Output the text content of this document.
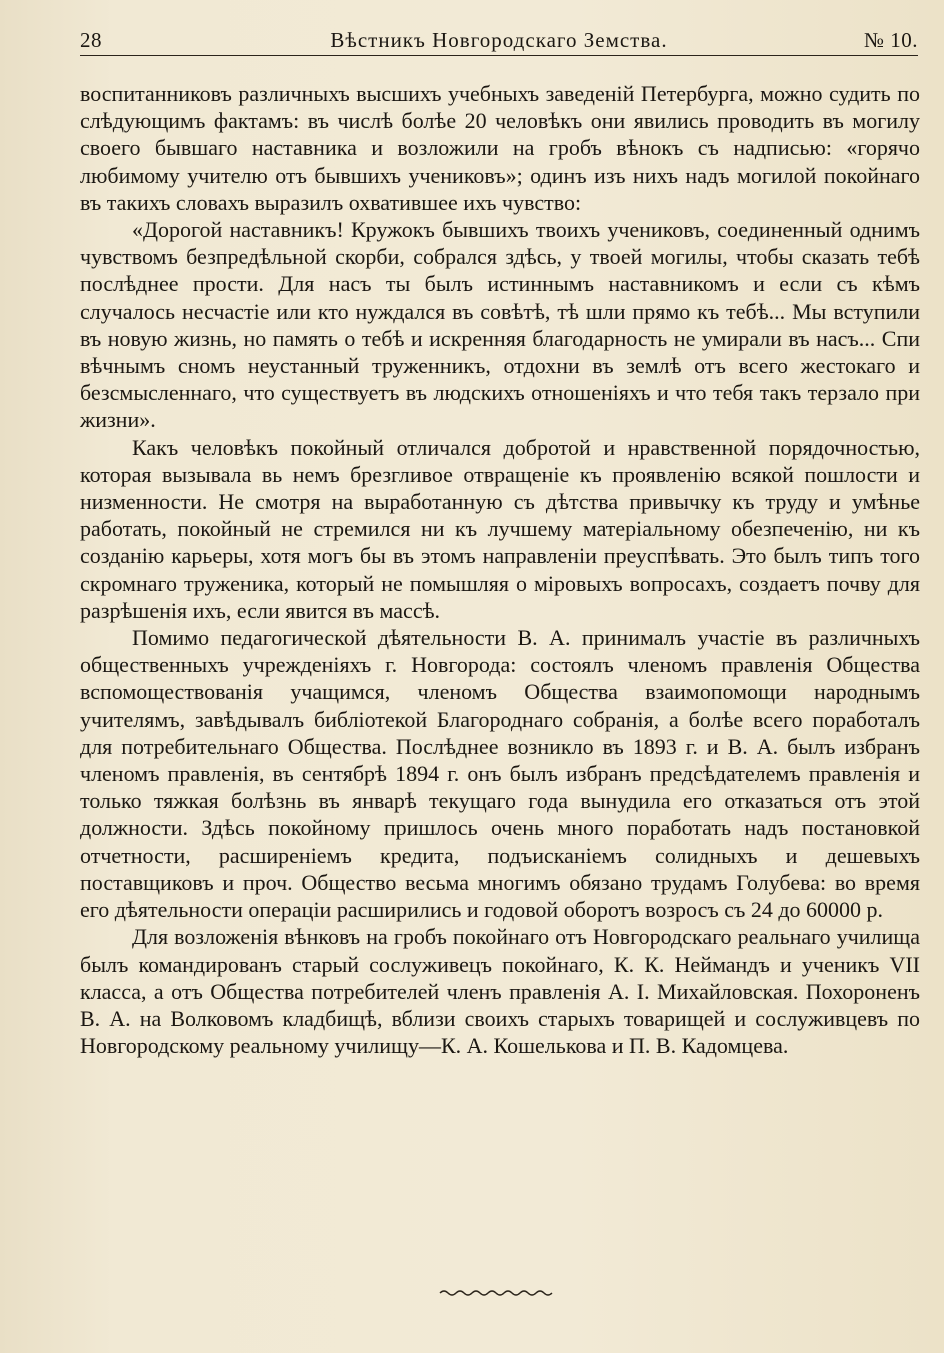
28	Вѣстникъ Новгородскаго Земства.	№ 10.

воспитанниковъ различныхъ высшихъ учебныхъ заведеній Петербурга, можно судить по слѣдующимъ фактамъ: въ числѣ болѣе 20 человѣкъ они явились проводить въ могилу своего бывшаго наставника и возложили на гробъ вѣнокъ съ надписью: «горячо любимому учителю отъ бывшихъ учениковъ»; одинъ изъ нихъ надъ могилой покойнаго въ такихъ словахъ выразилъ охватившее ихъ чувство:

«Дорогой наставникъ! Кружокъ бывшихъ твоихъ учениковъ, соединенный однимъ чувствомъ безпредѣльной скорби, собрался здѣсь, у твоей могилы, чтобы сказать тебѣ послѣднее прости. Для насъ ты былъ истиннымъ наставникомъ и если съ кѣмъ случалось несчастіе или кто нуждался въ совѣтѣ, тѣ шли прямо къ тебѣ... Мы вступили въ новую жизнь, но память о тебѣ и искренняя благодарность не умирали въ насъ... Спи вѣчнымъ сномъ неустанный труженникъ, отдохни въ землѣ отъ всего жестокаго и безсмысленнаго, что существуетъ въ людскихъ отношеніяхъ и что тебя такъ терзало при жизни».

Какъ человѣкъ покойный отличался добротой и нравственной порядочностью, которая вызывала вь немъ брезгливое отвращеніе къ проявленію всякой пошлости и низменности. Не смотря на выработанную съ дѣтства привычку къ труду и умѣнье работать, покойный не стремился ни къ лучшему матеріальному обезпеченію, ни къ созданію карьеры, хотя могъ бы въ этомъ направленіи преуспѣвать. Это былъ типъ того скромнаго труженика, который не помышляя о міровыхъ вопросахъ, создаетъ почву для разрѣшенія ихъ, если явится въ массѣ.

Помимо педагогической дѣятельности В. А. принималъ участіе въ различныхъ общественныхъ учрежденіяхъ г. Новгорода: состоялъ членомъ правленія Общества вспомоществованія учащимся, членомъ Общества взаимопомощи народнымъ учителямъ, завѣдывалъ библіотекой Благороднаго собранія, а болѣе всего поработалъ для потребительнаго Общества. Послѣднее возникло въ 1893 г. и В. А. былъ избранъ членомъ правленія, въ сентябрѣ 1894 г. онъ былъ избранъ предсѣдателемъ правленія и только тяжкая болѣзнь въ январѣ текущаго года вынудила его отказаться отъ этой должности. Здѣсь покойному пришлось очень много поработать надъ постановкой отчетности, расширеніемъ кредита, подъисканіемъ солидныхъ и дешевыхъ поставщиковъ и проч. Общество весьма многимъ обязано трудамъ Голубева: во время его дѣятельности операціи расширились и годовой оборотъ возросъ съ 24 до 60000 р.

Для возложенія вѣнковъ на гробъ покойнаго отъ Новгородскаго реальнаго училища былъ командированъ старый сослуживецъ покойнаго, К. К. Неймандъ и ученикъ VII класса, а отъ Общества потребителей членъ правленія А. І. Михайловская. Похороненъ В. А. на Волковомъ кладбищѣ, вблизи своихъ старыхъ товарищей и сослуживцевъ по Новгородскому реальному училищу—К. А. Кошелькова и П. В. Кадомцева.
